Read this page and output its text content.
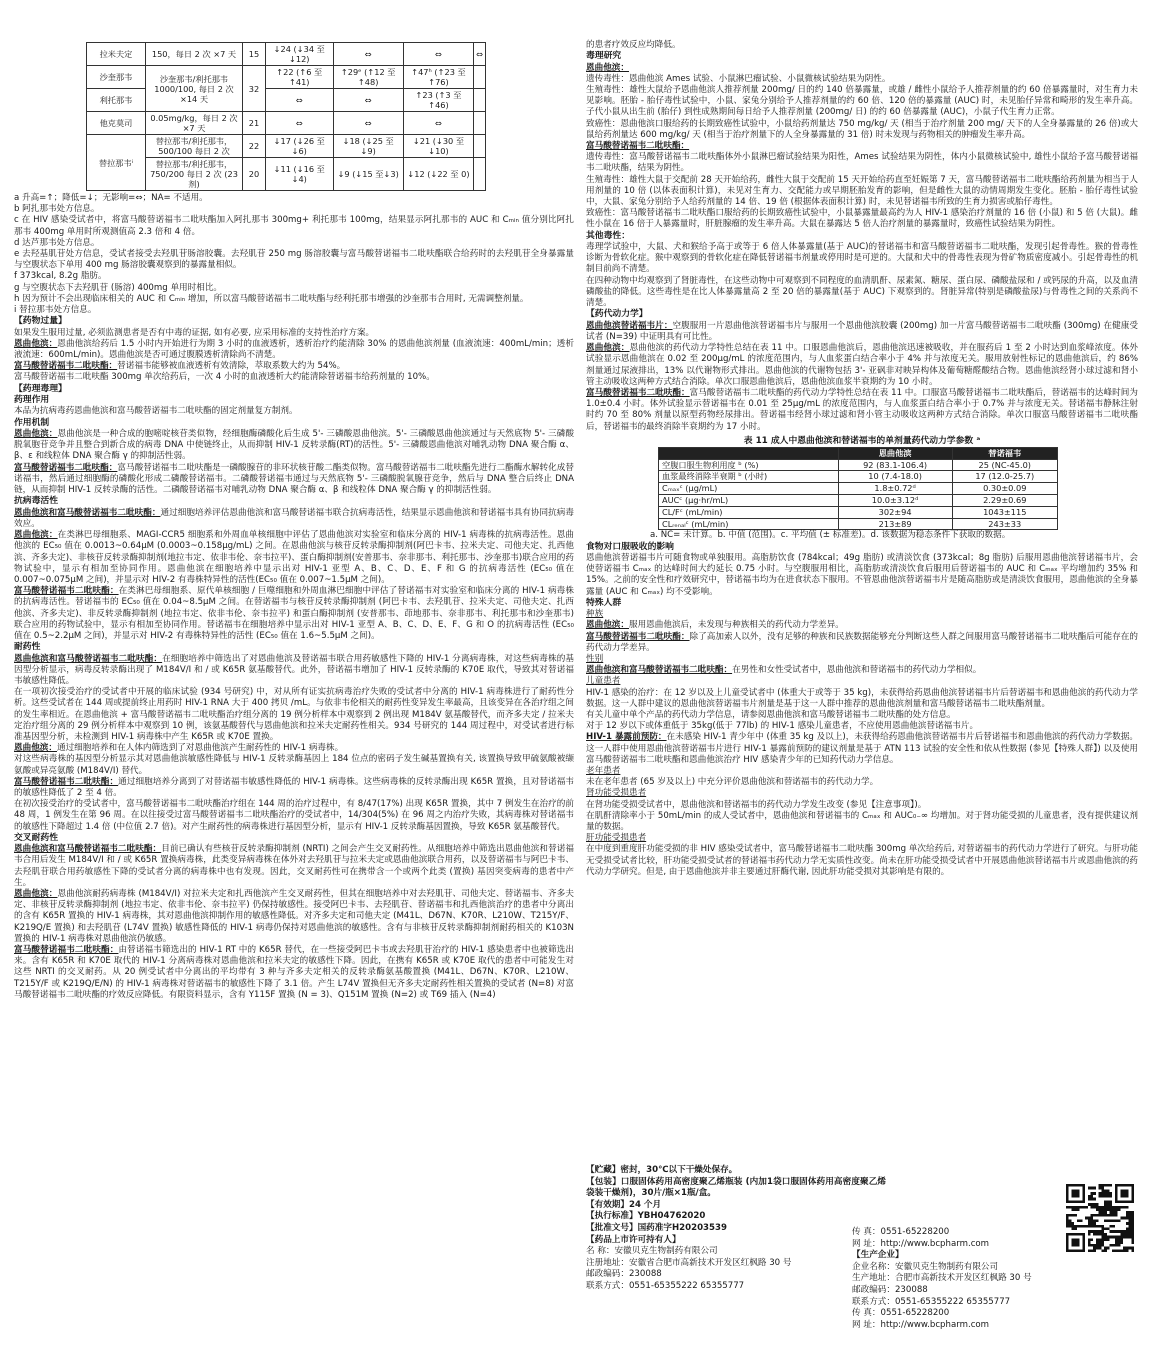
拉米夫定	150，每日 2 次 ×7 天	15	↓24 (↓34 至↓12)	⇔	⇔	⇔
沙奎那韦	沙奎那韦/利托那韦 1000/100, 每日 2 次×14 天	32	↑22 (↑6 至↑41)	↑29ᵉ (↑12 至↑48)	↑47ʰ (↑23 至↑76)	
利托那韦			⇔	⇔	↑23 (↑3 至↑46)	
他克莫司	0.05mg/kg，每日 2 次 ×7 天	21	⇔	⇔	⇔	
替拉那韦ⁱ	替拉那韦/利托那韦， 500/100 每日 2 次	22	↓17 (↓26 至↓6)	↓18 (↓25 至↓9)	↓21 (↓30 至↓10)	
	替拉那韦/利托那韦， 750/200 每日 2 次 (23 剂)	20	↓11 (↓16 至↓4)	↓9 (↓15 至↓3)	↓12 (↓22 至 0)	

a 升高=↑；降低=↓；无影响=⇔；NA= 不适用。

b 阿扎那韦处方信息。

c 在 HIV 感染受试者中，将富马酸替诺福韦二吡呋酯加入阿扎那韦 300mg+ 利托那韦 100mg，结果显示阿扎那韦的 AUC 和 Cₘᵢₙ 值分别比阿扎那韦 400mg 单用时所观测值高 2.3 倍和 4 倍。

d 达芦那韦处方信息。

e 去羟基肌苷处方信息，受试者接受去羟肌苷肠溶胶囊。去羟肌苷 250 mg 肠溶胶囊与富马酸替诺福韦二吡呋酯联合给药时的去羟肌苷全身暴露量与空腹状态下单用 400 mg 肠溶胶囊观察到的暴露量相似。

f 373kcal, 8.2g 脂肪。

g 与空腹状态下去羟肌苷 (肠溶) 400mg 单用时相比。

h 因为预计不会出现临床相关的 AUC 和 Cₘᵢₙ 增加，所以富马酸替诺福韦二吡呋酯与经利托那韦增强的沙奎那韦合用时, 无需调整剂量。

i 替拉那韦处方信息。

【药物过量】

如果发生服用过量, 必须监测患者是否有中毒的证据, 如有必要, 应采用标准的支持性治疗方案。

恩曲他滨：恩曲他滨给药后 1.5 小时内开始进行为期 3 小时的血液透析，透析治疗约能清除 30% 的恩曲他滨剂量 (血液流速：400mL/min；透析液流速：600mL/min)。恩曲他滨是否可通过腹膜透析清除尚不清楚。

富马酸替诺福韦二吡呋酯：替诺福韦能够被血液透析有效清除，萃取系数大约为 54%。

富马酸替诺福韦二吡呋酯 300mg 单次给药后，一次 4 小时的血液透析大约能清除替诺福韦给药剂量的 10%。

【药理毒理】

药理作用

本品为抗病毒药恩曲他滨和富马酸替诺福韦二吡呋酯的固定剂量复方制剂。

作用机制

恩曲他滨：恩曲他滨是一种合成的胞嘧啶核苷类似物，经细胞酶磷酸化后生成 5'- 三磷酸恩曲他滨。5'- 三磷酸恩曲他滨通过与天然底物 5'- 三磷酸脱氧胞苷竞争并且整合到新合成的病毒 DNA 中使链终止，从而抑制 HIV-1 反转录酶(RT)的活性。5'- 三磷酸恩曲他滨对哺乳动物 DNA 聚合酶 α、β、ε 和线粒体 DNA 聚合酶 γ 的抑制活性弱。

富马酸替诺福韦二吡呋酯：富马酸替诺福韦二吡呋酯是一磷酸腺苷的非环状核苷酸二酯类似物。富马酸替诺福韦二吡呋酯先进行二酯酶水解转化成替诺福韦，然后通过细胞酶的磷酸化形成二磷酸替诺福韦。二磷酸替诺福韦通过与天然底物 5'- 三磷酸脱氧腺苷竞争，然后与 DNA 整合后终止 DNA 链，从而抑制 HIV-1 反转录酶的活性。二磷酸替诺福韦对哺乳动物 DNA 聚合酶 α、β 和线粒体 DNA 聚合酶 γ 的抑制活性弱。

抗病毒活性

恩曲他滨和富马酸替诺福韦二吡呋酯：通过细胞培养评估恩曲他滨和富马酸替诺福韦联合抗病毒活性，结果显示恩曲他滨和替诺福韦具有协同抗病毒效应。

恩曲他滨：在类淋巴母细胞系、MAGI-CCR5 细胞系和外周血单核细胞中评估了恩曲他滨对实验室和临床分离的 HIV-1 病毒株的抗病毒活性。恩曲他滨的 EC₅₀ 值在 0.0013~0.64μM (0.0003~0.158μg/mL) 之间。在恩曲他滨与核苷反转录酶抑制剂(阿巴卡韦、拉米夫定、司他夫定、扎西他滨、齐多夫定)、非核苷反转录酶抑制剂(地拉韦定、依非韦伦、奈韦拉平)、蛋白酶抑制剂(安普那韦、奈非那韦、利托那韦、沙奎那韦)联合应用的药物试验中，显示有相加至协同作用。恩曲他滨在细胞培养中显示出对 HIV-1 亚型 A、B、C、D、E、F 和 G 的抗病毒活性 (EC₅₀ 值在 0.007~0.075μM 之间)，并显示对 HIV-2 有毒株特异性的活性(EC₅₀ 值在 0.007~1.5μM 之间)。

富马酸替诺福韦二吡呋酯：在类淋巴母细胞系、原代单核细胞 / 巨噬细胞和外周血淋巴细胞中评估了替诺福韦对实验室和临床分离的 HIV-1 病毒株的抗病毒活性。替诺福韦的 EC₅₀ 值在 0.04~8.5μM 之间。在替诺福韦与核苷反转录酶抑制剂 (阿巴卡韦、去羟肌苷、拉米夫定、司他夫定、扎西他滨、齐多夫定)、非反转录酶抑制剂 (地拉韦定、依非韦伦、奈韦拉平) 和蛋白酶抑制剂 (安普那韦、茚地那韦、奈非那韦、利托那韦和沙奎那韦) 联合应用的药物试验中，显示有相加至协同作用。替诺福韦在细胞培养中显示出对 HIV-1 亚型 A、B、C、D、E、F、G 和 O 的抗病毒活性 (EC₅₀ 值在 0.5~2.2μM 之间)，并显示对 HIV-2 有毒株特异性的活性 (EC₅₀ 值在 1.6~5.5μM 之间)。

耐药性

恩曲他滨和富马酸替诺福韦二吡呋酯：在细胞培养中筛选出了对恩曲他滨及替诺福韦联合用药敏感性下降的 HIV-1 分离病毒株，对这些病毒株的基因型分析显示，病毒反转录酶出现了 M184V/I 和 / 或 K65R 氨基酸替代。此外，替诺福韦增加了 HIV-1 反转录酶的 K70E 取代，导致其对替诺福韦敏感性降低。

在一项初次接受治疗的受试者中开展的临床试验 (934 号研究) 中，对从所有证实抗病毒治疗失败的受试者中分离的 HIV-1 病毒株进行了耐药性分析。这些受试者在 144 周或提前终止用药时 HIV-1 RNA 大于 400 拷贝 /mL。与依非韦伦相关的耐药性变异发生率最高，且该变异在各治疗组之间的发生率相近。在恩曲他滨 + 富马酸替诺福韦二吡呋酯治疗组分离的 19 例分析样本中观察到 2 例出现 M184V 氨基酸替代，而齐多夫定 / 拉米夫定治疗组分离的 29 例分析样本中观察到 10 例，该氨基酸替代与恩曲他滨和拉米夫定耐药性相关。934 号研究的 144 周过程中，对受试者进行标准基因型分析，未检测到 HIV-1 病毒株中产生 K65R 或 K70E 置换。

恩曲他滨：通过细胞培养和在人体内筛选到了对恩曲他滨产生耐药性的 HIV-1 病毒株。

对这些病毒株的基因型分析显示其对恩曲他滨敏感性降低与 HIV-1 反转录酶基因上 184 位点的密码子发生碱基置换有关, 该置换导致甲硫氨酸被缬氨酸或异亮氨酸 (M184V/I) 替代。

富马酸替诺福韦二吡呋酯：通过细胞培养分离到了对替诺福韦敏感性降低的 HIV-1 病毒株。这些病毒株的反转录酶出现 K65R 置换，且对替诺福韦的敏感性降低了 2 至 4 倍。

在初次接受治疗的受试者中，富马酸替诺福韦二吡呋酯治疗组在 144 周的治疗过程中，有 8/47(17%) 出现 K65R 置换，其中 7 例发生在治疗的前 48 周，1 例发生在第 96 周。在以往接受过富马酸替诺福韦二吡呋酯治疗的受试者中，14/304(5%) 在 96 周之内治疗失败，其病毒株对替诺福韦的敏感性下降超过 1.4 倍 (中位值 2.7 倍)。对产生耐药性的病毒株进行基因型分析，显示有 HIV-1 反转录酶基因置换，导致 K65R 氨基酸替代。

交叉耐药性

恩曲他滨和富马酸替诺福韦二吡呋酯：目前已确认有些核苷反转录酶抑制剂 (NRTI) 之间会产生交叉耐药性。从细胞培养中筛选出恩曲他滨和替诺福韦合用后发生 M184V/I 和 / 或 K65R 置换病毒株，此类变异病毒株在体外对去羟肌苷与拉米夫定或恩曲他滨联合用药，以及替诺福韦与阿巴卡韦、去羟肌苷联合用药敏感性下降的受试者分离的病毒株中也有发现。因此，交叉耐药性可在携带含一个或两个此类 (置换) 基因突变病毒的患者中产生。

恩曲他滨：恩曲他滨耐药病毒株 (M184V/I) 对拉米夫定和扎西他滨产生交叉耐药性，但其在细胞培养中对去羟肌苷、司他夫定、替诺福韦、齐多夫定、非核苷反转录酶抑制剂 (地拉韦定、依非韦伦、奈韦拉平) 仍保持敏感性。接受阿巴卡韦、去羟肌苷、替诺福韦和扎西他滨治疗的患者中分离出的含有 K65R 置换的 HIV-1 病毒株，其对恩曲他滨抑制作用的敏感性降低。对齐多夫定和司他夫定 (M41L、D67N、K70R、L210W、T215Y/F、K219Q/E 置换) 和去羟肌苷 (L74V 置换) 敏感性降低的 HIV-1 病毒仍保持对恩曲他滨的敏感性。含有与非核苷反转录酶抑制剂耐药相关的 K103N 置换的 HIV-1 病毒株对恩曲他滨仍敏感。

富马酸替诺福韦二吡呋酯：由替诺福韦筛选出的 HIV-1 RT 中的 K65R 替代，在一些接受阿巴卡韦或去羟肌苷治疗的 HIV-1 感染患者中也被筛选出来。含有 K65R 和 K70E 取代的 HIV-1 分离病毒株对恩曲他滨和拉米夫定的敏感性下降。因此，在携有 K65R 或 K70E 取代的患者中可能发生对这些 NRTI 的交叉耐药。从 20 例受试者中分离出的平均带有 3 种与齐多夫定相关的反转录酶氨基酸置换 (M41L、D67N、K70R、L210W、T215Y/F 或 K219Q/E/N) 的 HIV-1 病毒株对替诺福韦的敏感性下降了 3.1 倍。产生 L74V 置换但无齐多夫定耐药性相关置换的受试者 (N=8) 对富马酸替诺福韦二吡呋酯的疗效反应降低。有限资料显示，含有 Y115F 置换 (N = 3)、Q151M 置换 (N=2) 或 T69 插入 (N=4)

的患者疗效反应均降低。

毒理研究

恩曲他滨：

遗传毒性：恩曲他滨 Ames 试验、小鼠淋巴瘤试验、小鼠微核试验结果为阴性。

生殖毒性：雄性大鼠给予恩曲他滨人推荐剂量 200mg/ 日的约 140 倍暴露量，或雄 / 雌性小鼠给予人推荐剂量的约 60 倍暴露量时，对生育力未见影响。胚胎 - 胎仔毒性试验中，小鼠、家兔分别给予人推荐剂量的约 60 倍、120 倍的暴露量 (AUC) 时，未见胎仔异常和畸形的发生率升高。子代小鼠从出生前 (胎仔) 到性成熟期间每日给予人推荐剂量 (200mg/ 日) 的约 60 倍暴露量 (AUC)，小鼠子代生育力正常。

致癌性：恩曲他滨口服给药的长期致癌性试验中，小鼠给药剂量达 750 mg/kg/ 天 (相当于治疗剂量 200 mg/ 天下的人全身暴露量的 26 倍)或大鼠给药剂量达 600 mg/kg/ 天 (相当于治疗剂量下的人全身暴露量的 31 倍) 时未发现与药物相关的肿瘤发生率升高。

富马酸替诺福韦二吡呋酯：

遗传毒性：富马酸替诺福韦二吡呋酯体外小鼠淋巴瘤试验结果为阳性，Ames 试验结果为阴性，体内小鼠微核试验中, 雄性小鼠给予富马酸替诺福韦二吡呋酯，结果为阴性。

生殖毒性：雄性大鼠于交配前 28 天开始给药，雌性大鼠于交配前 15 天开始给药直至妊娠第 7 天，富马酸替诺福韦二吡呋酯给药剂量为相当于人用剂量的 10 倍 (以体表面积计算)，未见对生育力、交配能力或早期胚胎发育的影响，但是雌性大鼠的动情周期发生变化。胚胎 - 胎仔毒性试验中，大鼠、家兔分别给予人给药剂量的 14 倍、19 倍 (根据体表面积计算) 时，未见替诺福韦所致的生育力损害或胎仔毒性。

致癌性：富马酸替诺福韦二吡呋酯口服给药的长期致癌性试验中，小鼠暴露量最高约为人 HIV-1 感染治疗剂量的 16 倍 (小鼠) 和 5 倍 (大鼠)。雌性小鼠在 16 倍于人暴露量时，肝脏腺瘤的发生率升高。大鼠在暴露达 5 倍人治疗剂量的暴露量时，致癌性试验结果为阴性。

其他毒性：

毒理学试验中，大鼠、犬和猴给予高于或等于 6 倍人体暴露量(基于 AUC)的替诺福韦和富马酸替诺福韦二吡呋酯，发现引起骨毒性。猴的骨毒性诊断为骨软化症。猴中观察到的骨软化症在降低替诺福韦剂量或停用时是可逆的。大鼠和犬中的骨毒性表现为骨矿物质密度减小。引起骨毒性的机制目前尚不清楚。

在四种动物中均观察到了肾脏毒性，在这些动物中可观察到不同程度的血清肌酐、尿素氮、糖尿、蛋白尿、磷酸盐尿和 / 或钙尿的升高，以及血清磷酸盐的降低。这些毒性是在比人体暴露量高 2 至 20 倍的暴露量(基于 AUC) 下观察到的。肾脏异常(特别是磷酸盐尿)与骨毒性之间的关系尚不清楚。

【药代动力学】

恩曲他滨替诺福韦片：空腹服用一片恩曲他滨替诺福韦片与服用一个恩曲他滨胶囊 (200mg) 加一片富马酸替诺福韦二吡呋酯 (300mg) 在健康受试者 (N=39) 中证明具有可比性。

恩曲他滨：恩曲他滨的药代动力学特性总结在表 11 中。口服恩曲他滨后，恩曲他滨迅速被吸收，并在服药后 1 至 2 小时达到血浆峰浓度。体外试验显示恩曲他滨在 0.02 至 200μg/mL 的浓度范围内，与人血浆蛋白结合率小于 4% 并与浓度无关。服用放射性标记的恩曲他滨后，约 86% 剂量通过尿液排出，13% 以代谢物形式排出。恩曲他滨的代谢物包括 3'- 亚砜非对映异构体及葡萄糖醛酸结合物。恩曲他滨经肾小球过滤和肾小管主动吸收这两种方式结合消除。单次口服恩曲他滨后，恩曲他滨血浆半衰期约为 10 小时。

富马酸替诺福韦二吡呋酯：富马酸替诺福韦二吡呋酯的药代动力学特性总结在表 11 中。口服富马酸替诺福韦二吡呋酯后，替诺福韦的达峰时间为 1.0±0.4 小时。体外试验显示替诺福韦在 0.01 至 25μg/mL 的浓度范围内，与人血浆蛋白结合率小于 0.7% 并与浓度无关。替诺福韦静脉注射时约 70 至 80% 剂量以原型药物经尿排出。替诺福韦经肾小球过滤和肾小管主动吸收这两种方式结合消除。单次口服富马酸替诺福韦二吡呋酯后，替诺福韦的最终消除半衰期约为 17 小时。

表 11 成人中恩曲他滨和替诺福韦的单剂量药代动力学参数 ᵃ
	恩曲他滨	替诺福韦
空腹口服生物利用度 ᵇ (%)	92 (83.1-106.4)	25 (NC-45.0)
血浆最终消除半衰期 ᵇ (小时)	10 (7.4-18.0)	17 (12.0-25.7)
Cₘₐₓᶜ (μg/mL)	1.8±0.72ᵈ	0.30±0.09
AUCᶜ (μg·hr/mL)	10.0±3.12ᵈ	2.29±0.69
CL/Fᶜ (mL/min)	302±94	1043±115
CLᵣₑₙₐₗᶜ (mL/min)	213±89	243±33

a. NC= 未计算。b. 中值 (范围)。c. 平均值 (± 标准差)。d. 该数据为稳态条件下获取的数据。

食物对口服吸收的影响

恩曲他滨替诺福韦片可随食物或单独服用。高脂肪饮食 (784kcal；49g 脂肪) 或清淡饮食 (373kcal；8g 脂肪) 后服用恩曲他滨替诺福韦片，会使替诺福韦 Cₘₐₓ 的达峰时间大约延长 0.75 小时。与空腹服用相比，高脂肪或清淡饮食后服用后替诺福韦的 AUC 和 Cₘₐₓ 平均增加约 35% 和 15%。之前的安全性和疗效研究中，替诺福韦均为在进食状态下服用。不管恩曲他滨替诺福韦片是随高脂肪或是清淡饮食服用，恩曲他滨的全身暴露量 (AUC 和 Cₘₐₓ) 均不受影响。

特殊人群

种族

恩曲他滨：服用恩曲他滨后，未发现与种族相关的药代动力学差异。

富马酸替诺福韦二吡呋酯：除了高加索人以外，没有足够的种族和民族数据能够充分判断这些人群之间服用富马酸替诺福韦二吡呋酯后可能存在的药代动力学差异。

性别

恩曲他滨和富马酸替诺福韦二吡呋酯：在男性和女性受试者中，恩曲他滨和替诺福韦的药代动力学相似。

儿童患者

HIV-1 感染的治疗：在 12 岁以及上儿童受试者中 (体重大于或等于 35 kg)，未获得给药恩曲他滨替诺福韦片后替诺福韦和恩曲他滨的药代动力学数据。这一人群中建议的恩曲他滨替诺福韦片剂量是基于这一人群中推荐的恩曲他滨剂量和富马酸替诺福韦二吡呋酯剂量。

有关儿童中单个产品的药代动力学信息，请参阅恩曲他滨和富马酸替诺福韦二吡呋酯的处方信息。

对于 12 岁以下或体重低于 35kg(低于 77lb) 的 HIV-1 感染儿童患者，不应使用恩曲他滨替诺福韦片。

HIV-1 暴露前预防：在未感染 HIV-1 青少年中 (体重 35 kg 及以上)，未获得给药恩曲他滨替诺福韦片后替诺福韦和恩曲他滨的药代动力学数据。这一人群中使用恩曲他滨替诺福韦片进行 HIV-1 暴露前预防的建议剂量是基于 ATN 113 试验的安全性和依从性数据 (参见【特殊人群】) 以及使用富马酸替诺福韦二吡呋酯和恩曲他滨治疗 HIV 感染青少年的已知药代动力学信息。

老年患者

未在老年患者 (65 岁及以上) 中充分评价恩曲他滨和替诺福韦的药代动力学。

肾功能受损患者

在肾功能受损受试者中，恩曲他滨和替诺福韦的药代动力学发生改变 (参见【注意事项】)。

在肌酐清除率小于 50mL/min 的成人受试者中，恩曲他滨和替诺福韦的 Cₘₐₓ 和 AUC₀₋∞ 均增加。对于肾功能受损的儿童患者，没有提供建议剂量的数据。

肝功能受损患者

在中度到重度肝功能受损的非 HIV 感染受试者中，富马酸替诺福韦二吡呋酯 300mg 单次给药后, 对替诺福韦的药代动力学进行了研究。与肝功能无受损受试者比较，肝功能受损受试者的替诺福韦药代动力学无实质性改变。尚未在肝功能受损受试者中开展恩曲他滨替诺福韦片或恩曲他滨的药代动力学研究。但是, 由于恩曲他滨并非主要通过肝酶代谢, 因此肝功能受损对其影响是有限的。

【贮藏】密封，30℃以下干燥处保存。

【包装】口服固体药用高密度聚乙烯瓶装 (内加1袋口服固体药用高密度聚乙烯袋装干燥剂)，30片/瓶×1瓶/盒。

【有效期】24 个月

【执行标准】YBH04762020

【批准文号】国药准字H20203539

【药品上市许可持有人】

名 称：安徽贝克生物制药有限公司

注册地址：安徽省合肥市高新技术开发区红枫路 30 号

邮政编码：230088

联系方式：0551-65355222 65355777

传 真：0551-65228200

网 址：http://www.bcpharm.com

【生产企业】

企业名称：安徽贝克生物制药有限公司

生产地址：合肥市高新技术开发区红枫路 30 号

邮政编码：230088

联系方式：0551-65355222 65355777

传 真：0551-65228200

网 址：http://www.bcpharm.com
